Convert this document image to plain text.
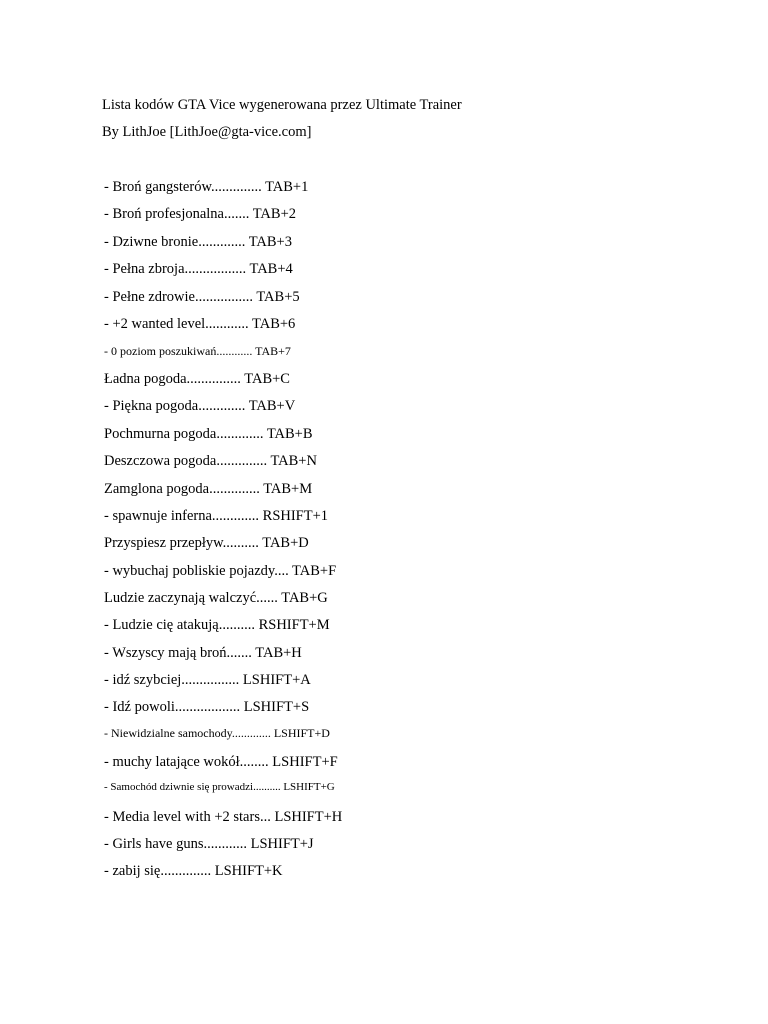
Lista kodów GTA Vice wygenerowana przez Ultimate Trainer
By LithJoe [LithJoe@gta-vice.com]
- Broń gangsterów.............. TAB+1
- Broń profesjonalna....... TAB+2
- Dziwne bronie............. TAB+3
- Pełna zbroja................. TAB+4
- Pełne zdrowie................ TAB+5
- +2 wanted level............ TAB+6
- 0 poziom poszukiwań............ TAB+7
Ładna pogoda............... TAB+C
- Piękna pogoda............. TAB+V
Pochmurna pogoda............. TAB+B
Deszczowa pogoda.............. TAB+N
Zamglona pogoda.............. TAB+M
- spawnuje inferna............. RSHIFT+1
Przyspiesz przepływ.......... TAB+D
- wybuchaj pobliskie pojazdy.... TAB+F
Ludzie zaczynają walczyć...... TAB+G
- Ludzie cię atakują.......... RSHIFT+M
- Wszyscy mają broń....... TAB+H
- idź szybciej................ LSHIFT+A
- Idź powoli.................. LSHIFT+S
- Niewidzialne samochody............. LSHIFT+D
- muchy latające wokół........ LSHIFT+F
- Samochód dziwnie się prowadzi.......... LSHIFT+G
- Media level with +2 stars... LSHIFT+H
- Girls have guns............ LSHIFT+J
- zabij się.............. LSHIFT+K
